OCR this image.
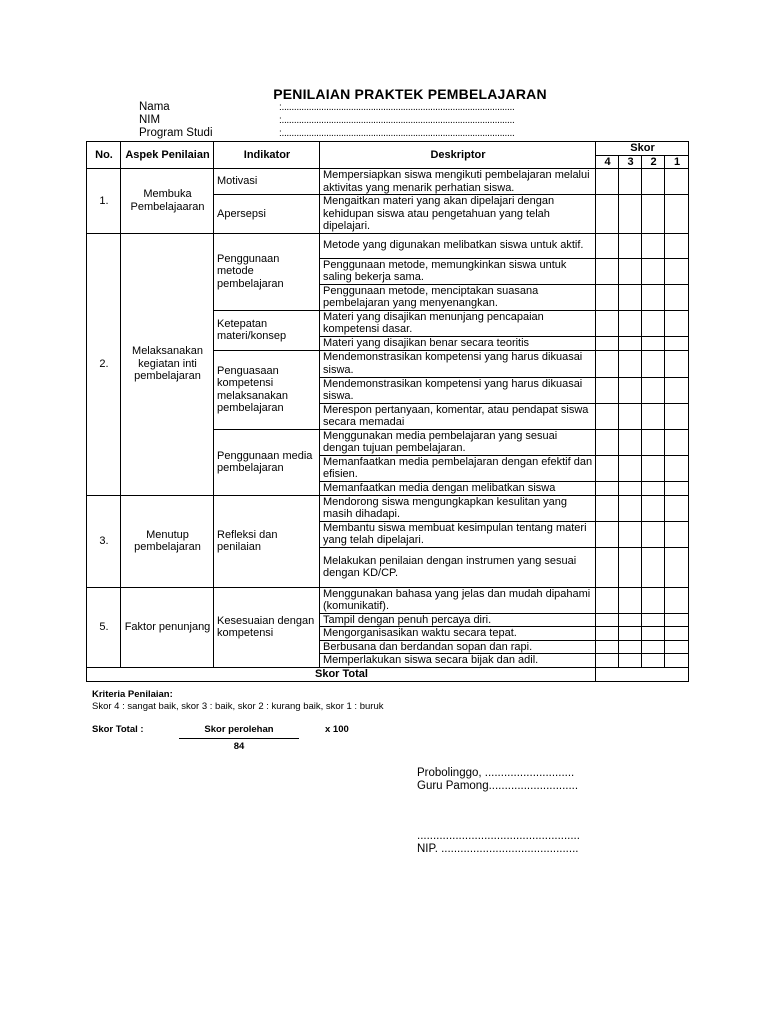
PENILAIAN PRAKTEK PEMBELAJARAN
Nama	:..............................................................................................
NIM	:..............................................................................................
Program Studi	:..............................................................................................
No.	Aspek Penilaian	Indikator	Deskriptor	Skor			
				4	3	2	1
1.	Membuka Pembelajaaran	Motivasi	Mempersiapkan siswa mengikuti pembelajaran melalui aktivitas yang menarik perhatian siswa.				
		Apersepsi	Mengaitkan materi yang akan dipelajari dengan kehidupan siswa atau pengetahuan yang telah dipelajari.				
2.	Melaksanakan kegiatan inti pembelajaran	Penggunaan metode pembelajaran	Metode yang digunakan melibatkan siswa untuk aktif.				
			Penggunaan metode, memungkinkan siswa untuk saling bekerja sama.				
			Penggunaan metode, menciptakan suasana pembelajaran yang menyenangkan.				
		Ketepatan materi/konsep	Materi yang disajikan menunjang pencapaian kompetensi dasar.				
			Materi yang disajikan benar secara teoritis				
		Penguasaan kompetensi melaksanakan pembelajaran	Mendemonstrasikan kompetensi yang harus dikuasai siswa.				
			Mendemonstrasikan kompetensi yang harus dikuasai siswa.				
			Merespon pertanyaan, komentar, atau pendapat siswa secara memadai				
		Penggunaan media pembelajaran	Menggunakan media pembelajaran yang sesuai dengan tujuan pembelajaran.				
			Memanfaatkan media pembelajaran dengan efektif dan efisien.				
			Memanfaatkan media dengan melibatkan siswa				
3.	Menutup pembelajaran	Refleksi dan penilaian	Mendorong siswa mengungkapkan kesulitan yang masih dihadapi.				
			Membantu siswa membuat kesimpulan tentang materi yang telah dipelajari.				
			Melakukan penilaian dengan instrumen yang sesuai dengan KD/CP.				
5.	Faktor penunjang	Kesesuaian dengan kompetensi	Menggunakan bahasa yang jelas dan mudah dipahami (komunikatif).				
			Tampil dengan penuh percaya diri.				
			Mengorganisasikan waktu secara tepat.				
			Berbusana dan berdandan sopan dan rapi.				
			Memperlakukan siswa secara bijak dan adil.				
Skor Total							
Kriteria Penilaian:
Skor 4 : sangat baik, skor 3 : baik, skor 2 : kurang baik, skor 1 : buruk
Skor Total :	Skor perolehan
84
x 100
Probolinggo, ............................
Guru Pamong............................
...................................................
NIP. ...........................................
